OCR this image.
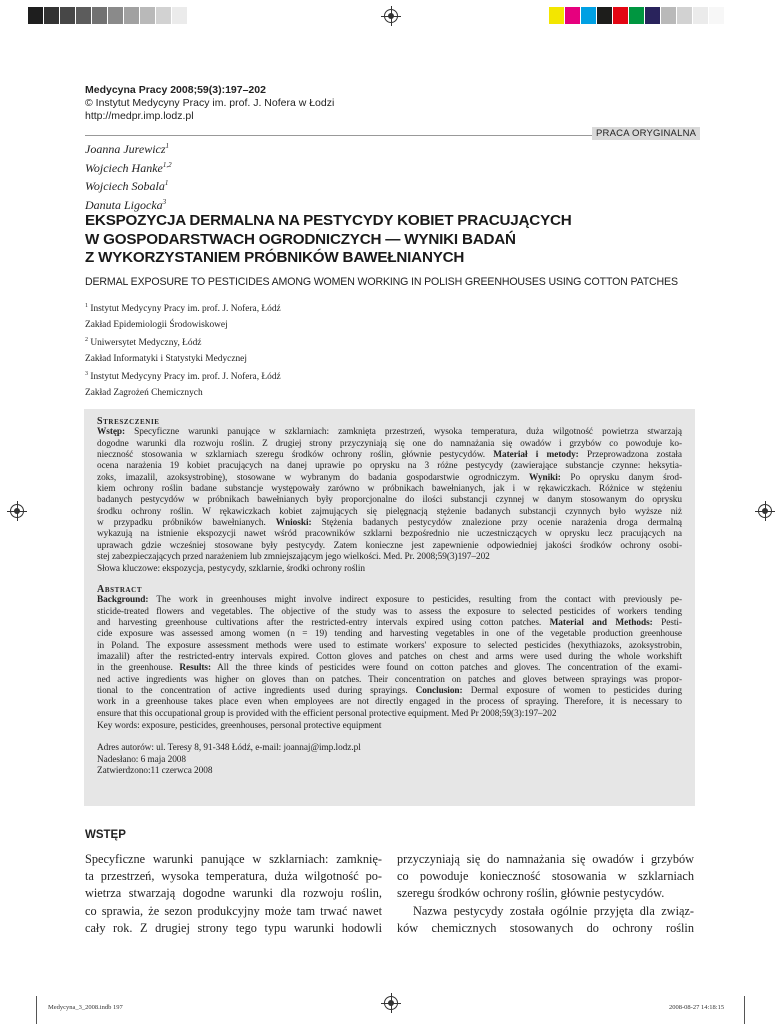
Medycyna Pracy 2008;59(3):197–202
© Instytut Medycyny Pracy im. prof. J. Nofera w Łodzi
http://medpr.imp.lodz.pl
PRACA ORYGINALNA
Joanna Jurewicz$^1$
Wojciech Hanke$^{1,2}$
Wojciech Sobala$^1$
Danuta Ligocka$^3$
EKSPOZYCJA DERMALNA NA PESTYCYDY KOBIET PRACUJĄCYCH
W GOSPODARSTWACH OGRODNICZYCH — WYNIKI BADAŃ
Z WYKORZYSTANIEM PRÓBNIKÓW BAWEŁNIANYCH
DERMAL EXPOSURE TO PESTICIDES AMONG WOMEN WORKING IN POLISH GREENHOUSES USING COTTON PATCHES
$^1$ Instytut Medycyny Pracy im. prof. J. Nofera, Łódź
Zakład Epidemiologii Środowiskowej
$^2$ Uniwersytet Medyczny, Łódź
Zakład Informatyki i Statystyki Medycznej
$^3$ Instytut Medycyny Pracy im. prof. J. Nofera, Łódź
Zakład Zagrożeń Chemicznych
Streszczenie
Wstęp: Specyficzne warunki panujące w szklarniach: zamknięta przestrzeń, wysoka temperatura, duża wilgotność powietrza stwarzają
dogodne warunki dla rozwoju roślin. Z drugiej strony przyczyniają się one do namnażania się owadów i grzybów co powoduje ko-
nieczność stosowania w szklarniach szeregu środków ochrony roślin, głównie pestycydów. Materiał i metody: Przeprowadzona została
ocena narażenia 19 kobiet pracujących na danej uprawie po oprysku na 3 różne pestycydy (zawierające substancje czynne: heksytia-
zoks, imazalil, azoksystrobinę), stosowane w wybranym do badania gospodarstwie ogrodniczym. Wyniki: Po oprysku danym środ-
kiem ochrony roślin badane substancje występowały zarówno w próbnikach bawełnianych, jak i w rękawiczkach. Różnice w stężeniu
badanych pestycydów w próbnikach bawełnianych były proporcjonalne do ilości substancji czynnej w danym stosowanym do oprysku
środku ochrony roślin. W rękawiczkach kobiet zajmujących się pielęgnacją stężenie badanych substancji czynnych było wyższe niż
w przypadku próbników bawełnianych. Wnioski: Stężenia badanych pestycydów znalezione przy ocenie narażenia droga dermalną
wykazują na istnienie ekspozycji nawet wśród pracowników szklarni bezpośrednio nie uczestniczących w oprysku lecz pracujących na
uprawach gdzie wcześniej stosowane były pestycydy. Zatem konieczne jest zapewnienie odpowiedniej jakości środków ochrony osobi-
stej zabezpieczających przed narażeniem lub zmniejszającym jego wielkości. Med. Pr. 2008;59(3)197–202
Słowa kluczowe: ekspozycja, pestycydy, szklarnie, środki ochrony roślin
Abstract
Background: The work in greenhouses might involve indirect exposure to pesticides, resulting from the contact with previously pe-
sticide-treated flowers and vegetables. The objective of the study was to assess the exposure to selected pesticides of workers tending
and harvesting greenhouse cultivations after the restricted-entry intervals expired using cotton patches. Material and Methods: Pesti-
cide exposure was assessed among women (n = 19) tending and harvesting vegetables in one of the vegetable production greenhouse
in Poland. The exposure assessment methods were used to estimate workers' exposure to selected pesticides (hexythiazoks, azoksystrobin,
imazalil) after the restricted-entry intervals expired. Cotton gloves and patches on chest and arms were used during the whole workshift
in the greenhouse. Results: All the three kinds of pesticides were found on cotton patches and gloves. The concentration of the exami-
ned active ingredients was higher on gloves than on patches. Their concentration on patches and gloves between sprayings was propor-
tional to the concentration of active ingredients used during sprayings. Conclusion: Dermal exposure of women to pesticides during
work in a greenhouse takes place even when employees are not directly engaged in the process of spraying. Therefore, it is necessary to
ensure that this occupational group is provided with the efficient personal protective equipment. Med Pr 2008;59(3):197–202
Key words: exposure, pesticides, greenhouses, personal protective equipment
Adres autorów: ul. Teresy 8, 91-348 Łódź, e-mail: joannaj@imp.lodz.pl
Nadesłano: 6 maja 2008
Zatwierdzono:11 czerwca 2008
WSTĘP
Specyficzne warunki panujące w szklarniach: zamknię-
ta przestrzeń, wysoka temperatura, duża wilgotność po-
wietrza stwarzają dogodne warunki dla rozwoju roślin,
co sprawia, że sezon produkcyjny może tam trwać nawet
cały rok. Z drugiej strony tego typu warunki hodowli
przyczyniają się do namnażania się owadów i grzybów
co powoduje konieczność stosowania w szklarniach
szeregu środków ochrony roślin, głównie pestycydów.
Nazwa pestycydy została ogólnie przyjęta dla związ-
ków chemicznych stosowanych do ochrony roślin
Medycyna_3_2008.indb 197	2008-08-27 14:18:15
